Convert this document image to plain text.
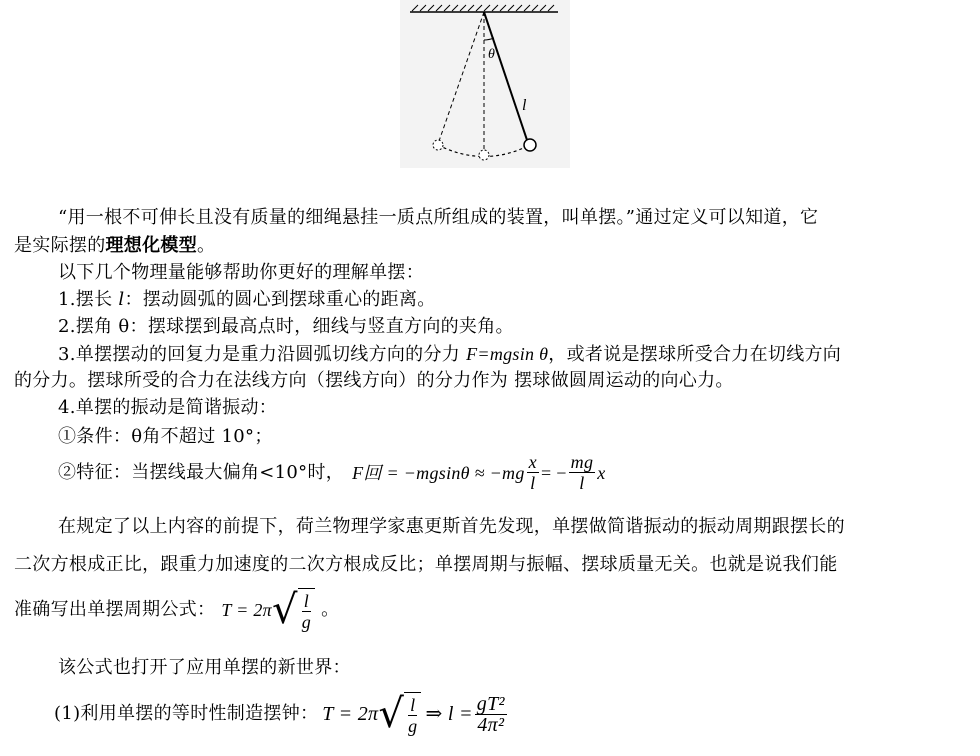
θ
l
“用一根不可伸长且没有质量的细绳悬挂一质点所组成的装置，叫单摆。”通过定义可以知道，它
是实际摆的理想化模型。
以下几个物理量能够帮助你更好的理解单摆：
1.摆长 l：摆动圆弧的圆心到摆球重心的距离。
2.摆角 θ：摆球摆到最高点时，细线与竖直方向的夹角。
3.单摆摆动的回复力是重力沿圆弧切线方向的分力 F=mgsin θ，或者说是摆球所受合力在切线方向
的分力。摆球所受的合力在法线方向（摆线方向）的分力作为 摆球做圆周运动的向心力。
4.单摆的振动是简谐振动：
①条件：θ角不超过 10°；
②特征：当摆线最大偏角<10°时， F回 = $-mgsin\theta \approx -mg \frac{x}{l}$ = − $\frac{mg}{l}$ x
在规定了以上内容的前提下，荷兰物理学家惠更斯首先发现，单摆做简谐振动的振动周期跟摆长的
二次方根成正比，跟重力加速度的二次方根成反比；单摆周期与振幅、摆球质量无关。也就是说我们能
准确写出单摆周期公式： T = 2π √ $\frac{l}{g}$ 。
该公式也打开了应用单摆的新世界：
(1)利用单摆的等时性制造摆钟： T = 2π √ $\frac{l}{g}$ ⇒ $l = \frac{\text{gT²}}{\text{4π²}}$
